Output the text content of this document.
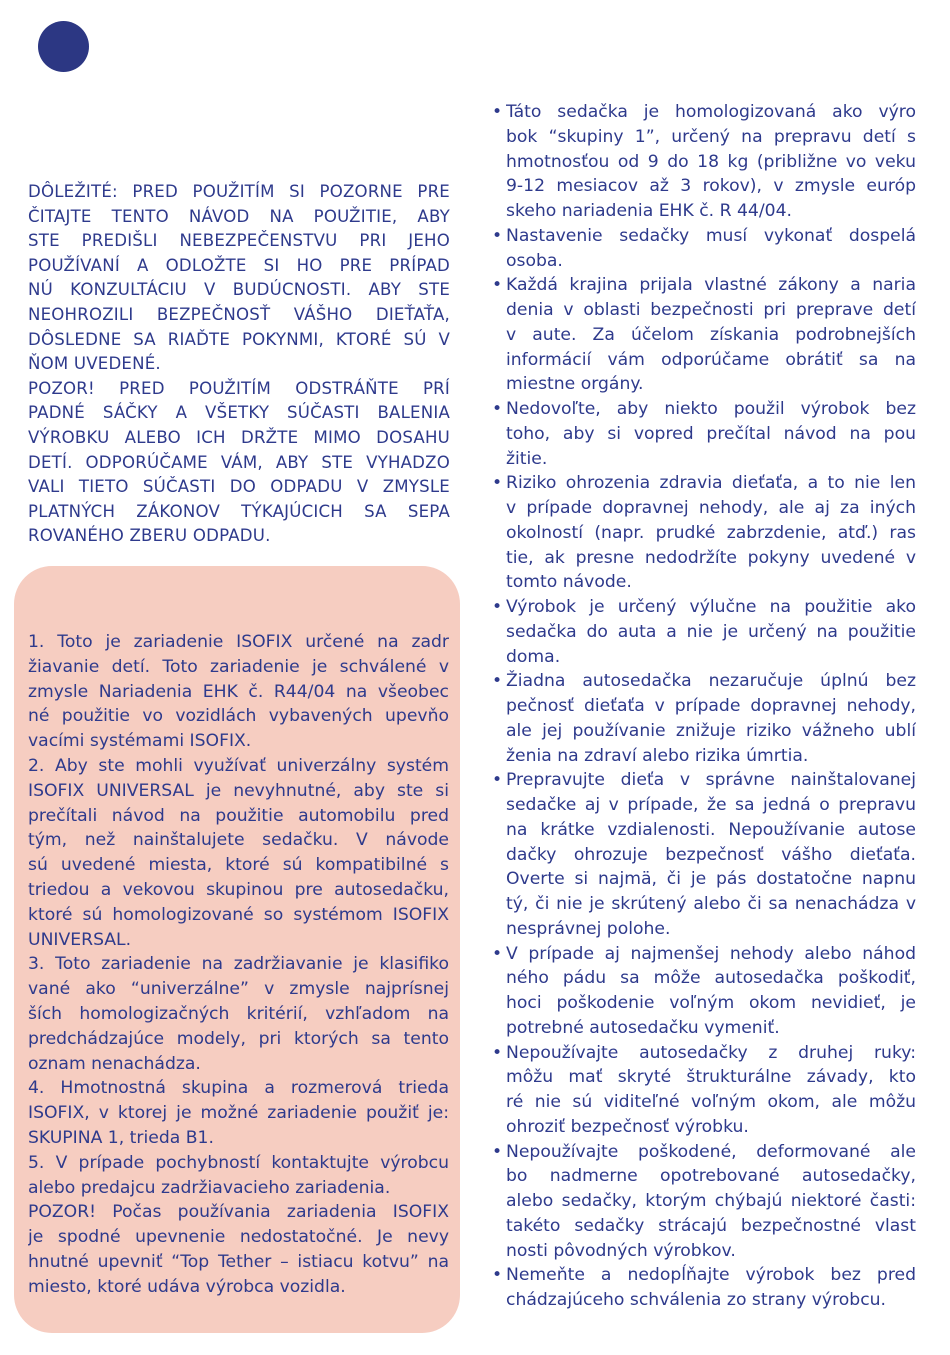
DÔLEŽITÉ: PRED POUŽITÍM SI POZORNE PRE
ČITAJTE TENTO NÁVOD NA POUŽITIE, ABY
STE PREDIŠLI NEBEZPEČENSTVU PRI JEHO
POUŽÍVANÍ A ODLOŽTE SI HO PRE PRÍPAD
NÚ KONZULTÁCIU V BUDÚCNOSTI. ABY STE
NEOHROZILI BEZPEČNOSŤ VÁŠHO DIEŤAŤA,
DÔSLEDNE SA RIAĎTE POKYNMI, KTORÉ SÚ V
ŇOM UVEDENÉ.
POZOR! PRED POUŽITÍM ODSTRÁŇTE PRÍ
PADNÉ SÁČKY A VŠETKY SÚČASTI BALENIA
VÝROBKU ALEBO ICH DRŽTE MIMO DOSAHU
DETÍ. ODPORÚČAME VÁM, ABY STE VYHADZO
VALI TIETO SÚČASTI DO ODPADU V ZMYSLE
PLATNÝCH ZÁKONOV TÝKAJÚCICH SA SEPA
ROVANÉHO ZBERU ODPADU.
1. Toto je zariadenie ISOFIX určené na zadr
žiavanie detí. Toto zariadenie je schválené v
zmysle Nariadenia EHK č. R44/04 na všeobec
né použitie vo vozidlách vybavených upevňo
vacími systémami ISOFIX.
2. Aby ste mohli využívať univerzálny systém
ISOFIX UNIVERSAL je nevyhnutné, aby ste si
prečítali návod na použitie automobilu pred
tým, než nainštalujete sedačku. V návode
sú uvedené miesta, ktoré sú kompatibilné s
triedou a vekovou skupinou pre autosedačku,
ktoré sú homologizované so systémom ISOFIX
UNIVERSAL.
3. Toto zariadenie na zadržiavanie je klasifiko
vané ako “univerzálne” v zmysle najprísnej
ších homologizačných kritérií, vzhľadom na
predchádzajúce modely, pri ktorých sa tento
oznam nenachádza.
4. Hmotnostná skupina a rozmerová trieda
ISOFIX, v ktorej je možné zariadenie použiť je:
SKUPINA 1, trieda B1.
5. V prípade pochybností kontaktujte výrobcu
alebo predajcu zadržiavacieho zariadenia.
POZOR! Počas používania zariadenia ISOFIX
je spodné upevnenie nedostatočné. Je nevy
hnutné upevniť “Top Tether – istiacu kotvu” na
miesto, ktoré udáva výrobca vozidla.
• Táto sedačka je homologizovaná ako výro
bok “skupiny 1”, určený na prepravu detí s
hmotnosťou od 9 do 18 kg (približne vo veku
9-12 mesiacov až 3 rokov), v zmysle európ
skeho nariadenia EHK č. R 44/04.
• Nastavenie sedačky musí vykonať dospelá
osoba.
• Každá krajina prijala vlastné zákony a naria
denia v oblasti bezpečnosti pri preprave detí
v aute. Za účelom získania podrobnejších
informácií vám odporúčame obrátiť sa na
miestne orgány.
• Nedovoľte, aby niekto použil výrobok bez
toho, aby si vopred prečítal návod na pou
žitie.
• Riziko ohrozenia zdravia dieťaťa, a to nie len
v prípade dopravnej nehody, ale aj za iných
okolností (napr. prudké zabrzdenie, atď.) ras
tie, ak presne nedodržíte pokyny uvedené v
tomto návode.
• Výrobok je určený výlučne na použitie ako
sedačka do auta a nie je určený na použitie
doma.
• Žiadna autosedačka nezaručuje úplnú bez
pečnosť dieťaťa v prípade dopravnej nehody,
ale jej používanie znižuje riziko vážneho ublí
ženia na zdraví alebo rizika úmrtia.
• Prepravujte dieťa v správne nainštalovanej
sedačke aj v prípade, že sa jedná o prepravu
na krátke vzdialenosti. Nepoužívanie autose
dačky ohrozuje bezpečnosť vášho dieťaťa.
Overte si najmä, či je pás dostatočne napnu
tý, či nie je skrútený alebo či sa nenachádza v
nesprávnej polohe.
• V prípade aj najmenšej nehody alebo náhod
ného pádu sa môže autosedačka poškodiť,
hoci poškodenie voľným okom nevidieť, je
potrebné autosedačku vymeniť.
• Nepoužívajte autosedačky z druhej ruky:
môžu mať skryté štrukturálne závady, kto
ré nie sú viditeľné voľným okom, ale môžu
ohroziť bezpečnosť výrobku.
• Nepoužívajte poškodené, deformované ale
bo nadmerne opotrebované autosedačky,
alebo sedačky, ktorým chýbajú niektoré časti:
takéto sedačky strácajú bezpečnostné vlast
nosti pôvodných výrobkov.
• Nemeňte a nedopĺňajte výrobok bez pred
chádzajúceho schválenia zo strany výrobcu.
